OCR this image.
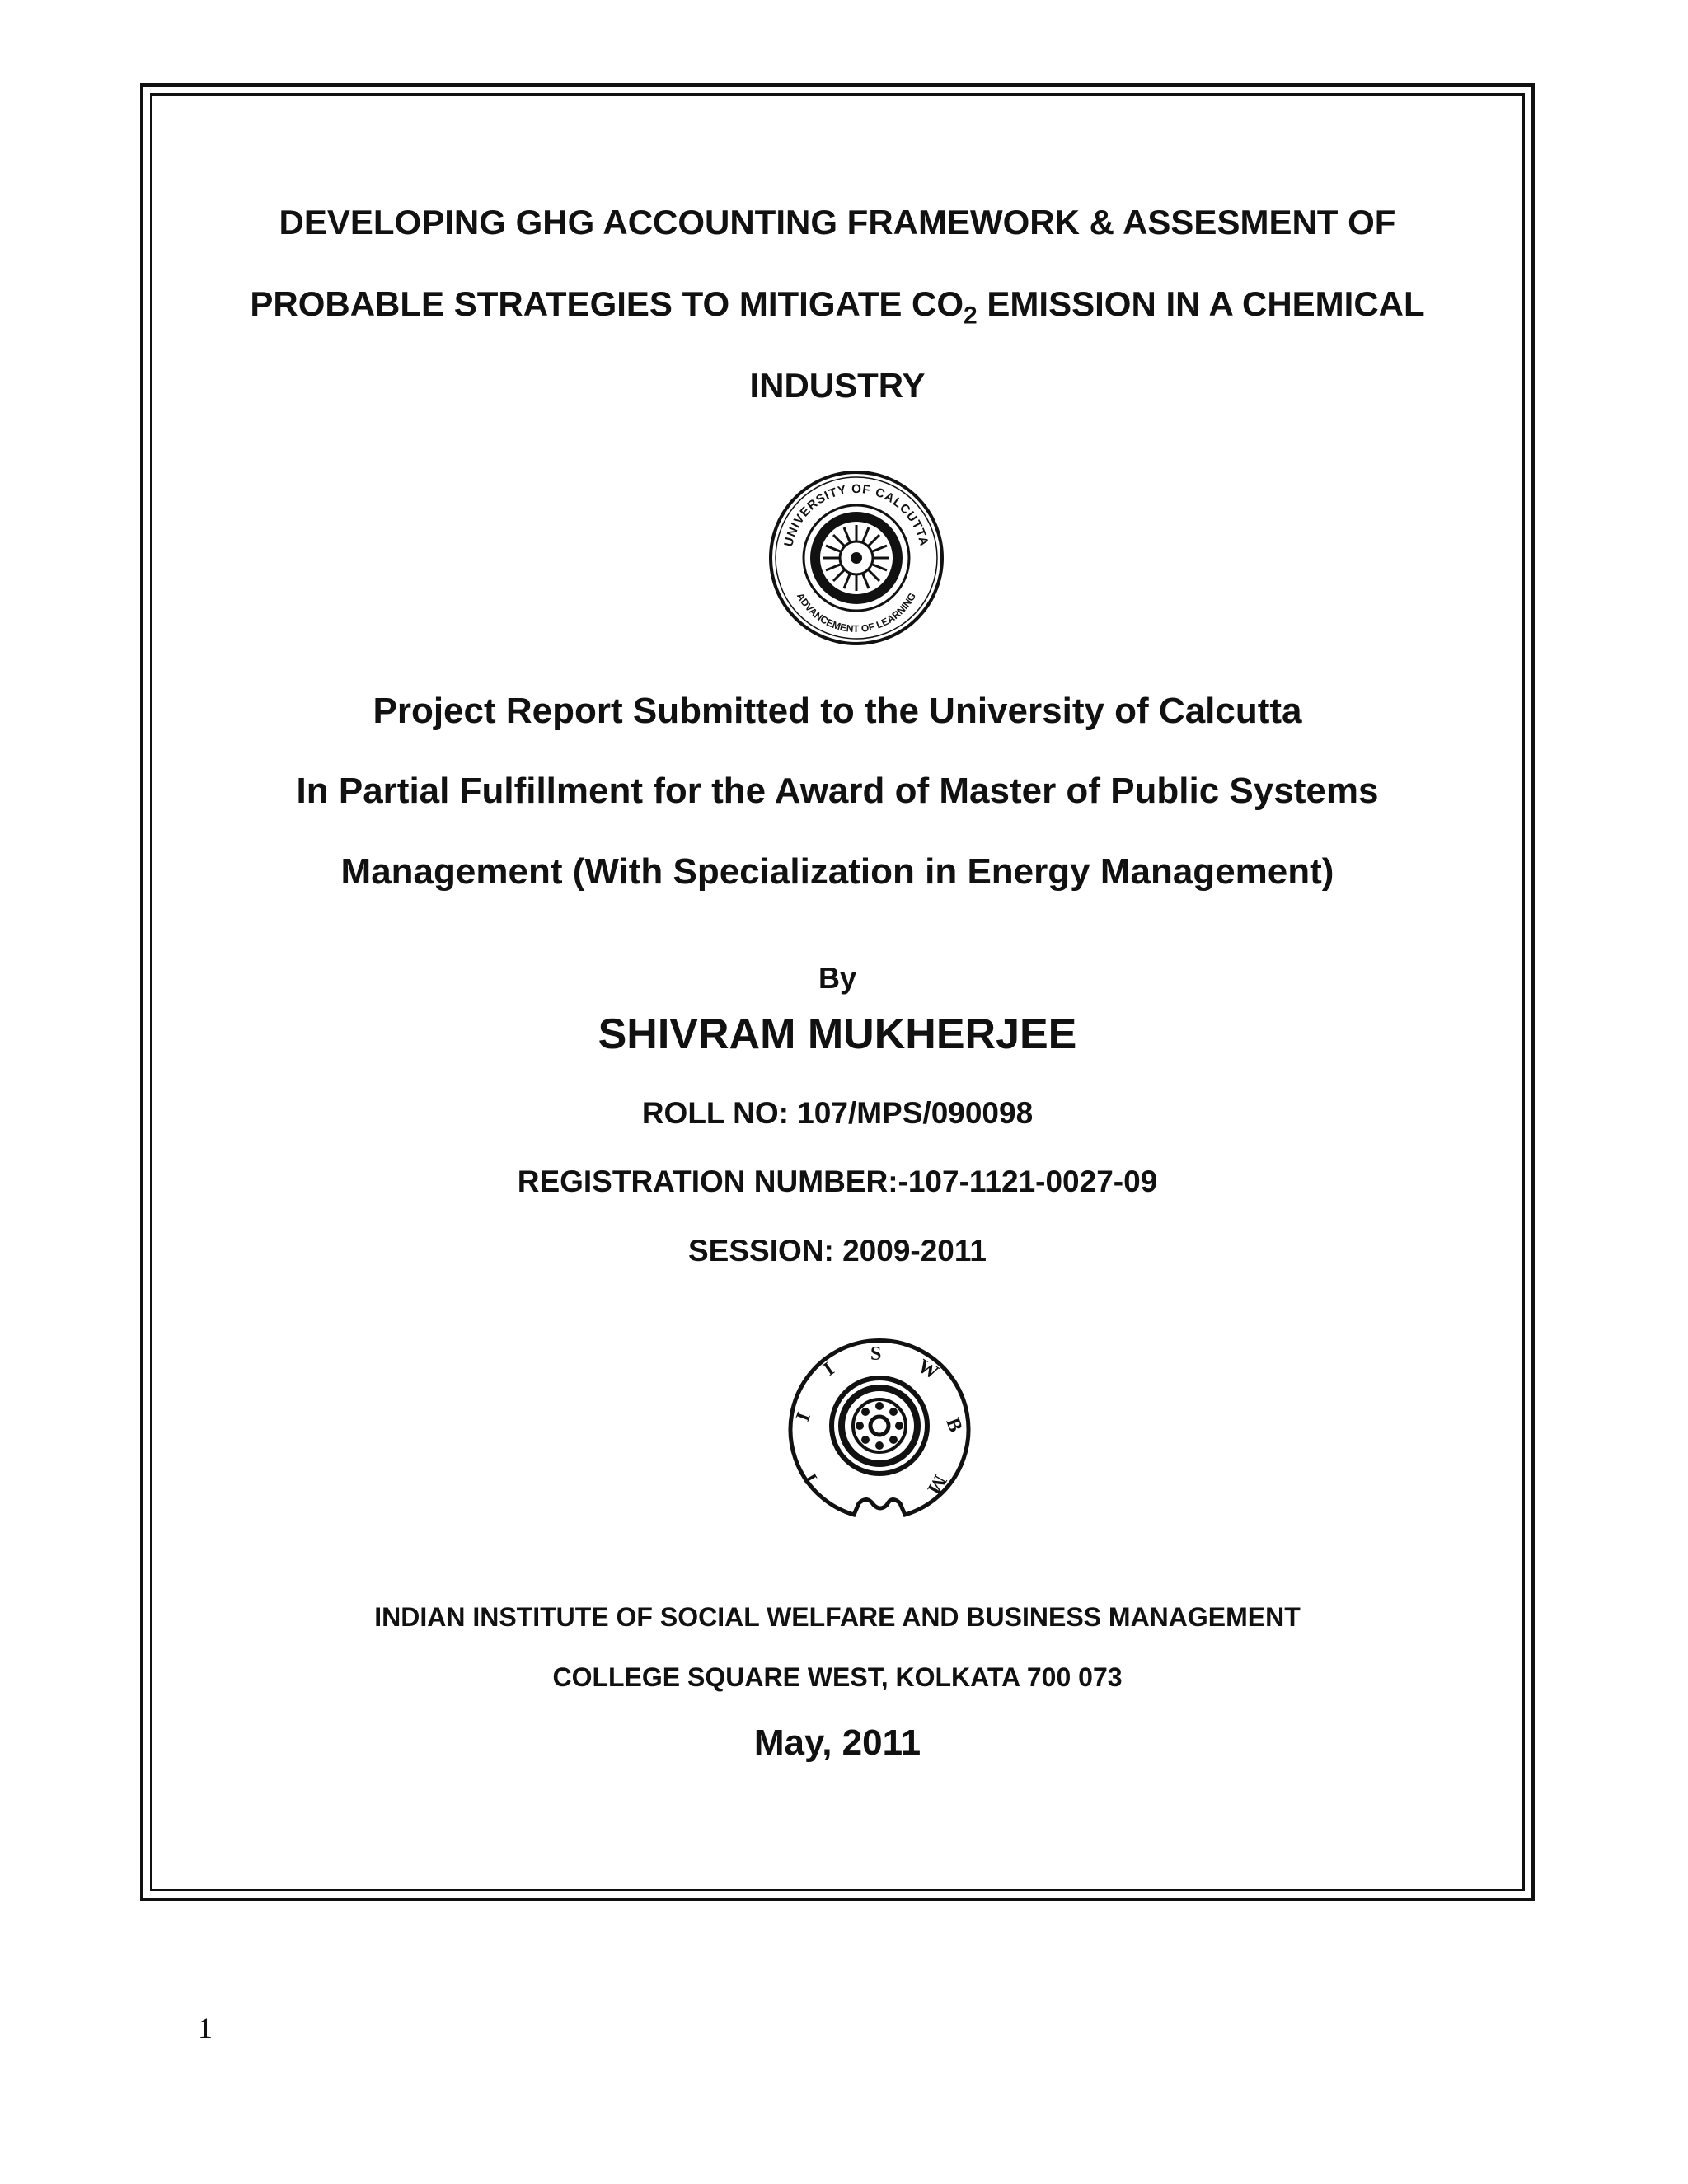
DEVELOPING GHG ACCOUNTING FRAMEWORK & ASSESMENT OF
PROBABLE STRATEGIES TO MITIGATE $CO_2$ EMISSION IN A CHEMICAL
INDUSTRY
UNIVERSITY OF CALCUTTA
ADVANCEMENT OF LEARNING
Project Report Submitted to the University of Calcutta
In Partial Fulfillment for the Award of Master of Public Systems
Management (With Specialization in Energy Management)
By
SHIVRAM MUKHERJEE
ROLL NO: 107/MPS/090098
REGISTRATION NUMBER:-107-1121-0027-09
SESSION: 2009-2011
I
I
S
W
B
M
I
INDIAN INSTITUTE OF SOCIAL WELFARE AND BUSINESS MANAGEMENT
COLLEGE SQUARE WEST, KOLKATA 700 073
May, 2011
1
